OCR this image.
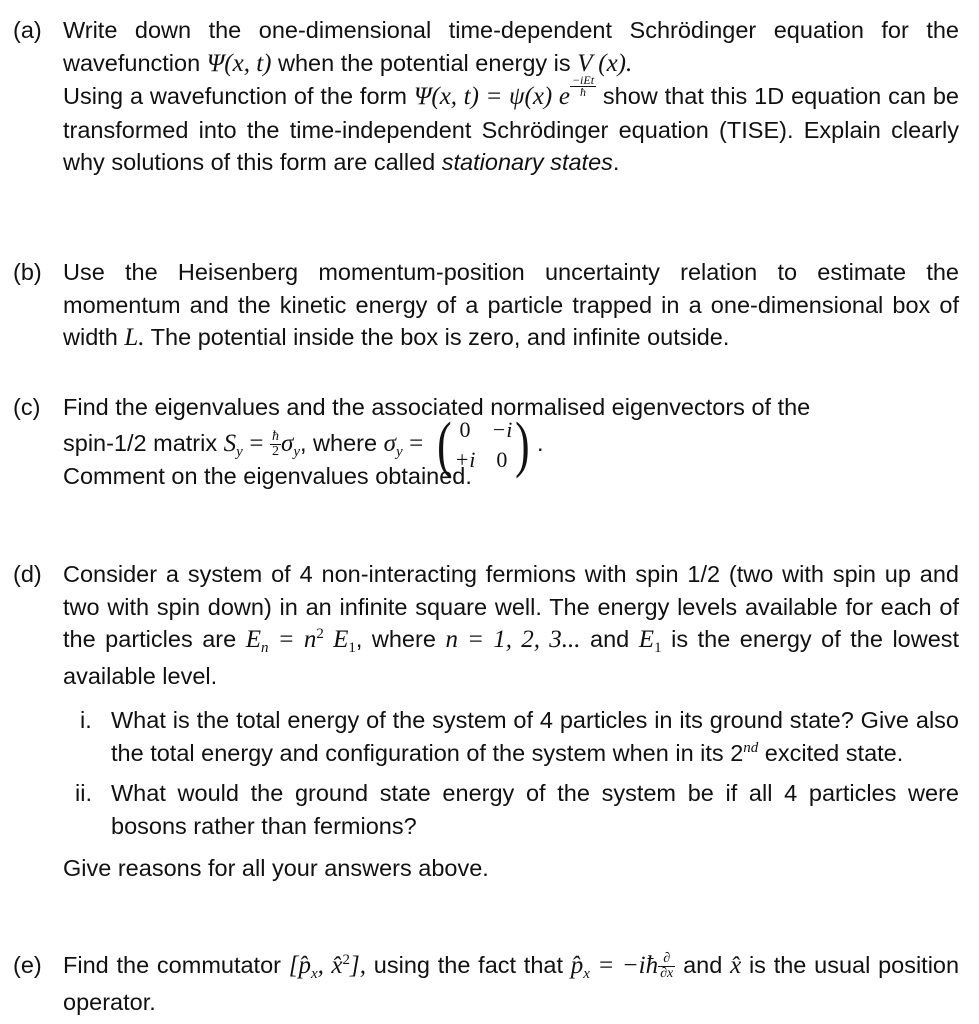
(a) Write down the one-dimensional time-dependent Schrödinger equation for the wavefunction Ψ(x, t) when the potential energy is V (x).

Using a wavefunction of the form Ψ(x, t) = ψ(x) e $\frac{\text{−iEt}}{ħ}$ show that this 1D equation can be transformed into the time-independent Schrödinger equation (TISE). Explain clearly why solutions of this form are called stationary states.

(b) Use the Heisenberg momentum-position uncertainty relation to estimate the momentum and the kinetic energy of a particle trapped in a one-dimensional box of width L. The potential inside the box is zero, and infinite outside.

(c) Find the eigenvalues and the associated normalised eigenvectors of the

spin-1/2 matrix $S_y = \frac{ħ}{2} \sigma_y$, where $\sigma_y$ = ( 0 −i
+i 0 ) .

Comment on the eigenvalues obtained.

(d) Consider a system of 4 non-interacting fermions with spin 1/2 (two with spin up and two with spin down) in an infinite square well. The energy levels available for each of the particles are $E_n = n^2$ $E_1$, where n = 1, 2, 3... and $E_1$ is the energy of the lowest available level.

i. What is the total energy of the system of 4 particles in its ground state? Give also the total energy and configuration of the system when in its 2nd excited state.
ii. What would the ground state energy of the system be if all 4 particles were bosons rather than fermions?

Give reasons for all your answers above.

(e) Find the commutator [$p̂_x$, x̂$^2$], using the fact that $p̂_x$ = −iħ $\frac{\partial}{\partial x}$ and x̂ is the usual position operator.
